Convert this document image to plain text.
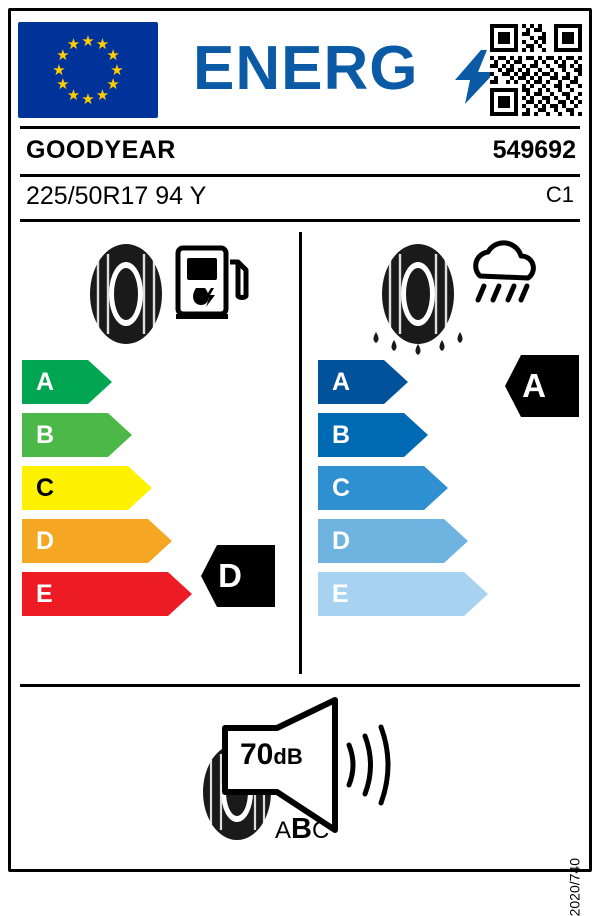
★ ★
★
★
★
★
★
★
★
★
★
★ ENERG
GOODYEAR	549692
225/50R17 94 Y	C1
A
B
C
D
E
A
B
C
D
E
D
A
70dB
ABC
2020/740
